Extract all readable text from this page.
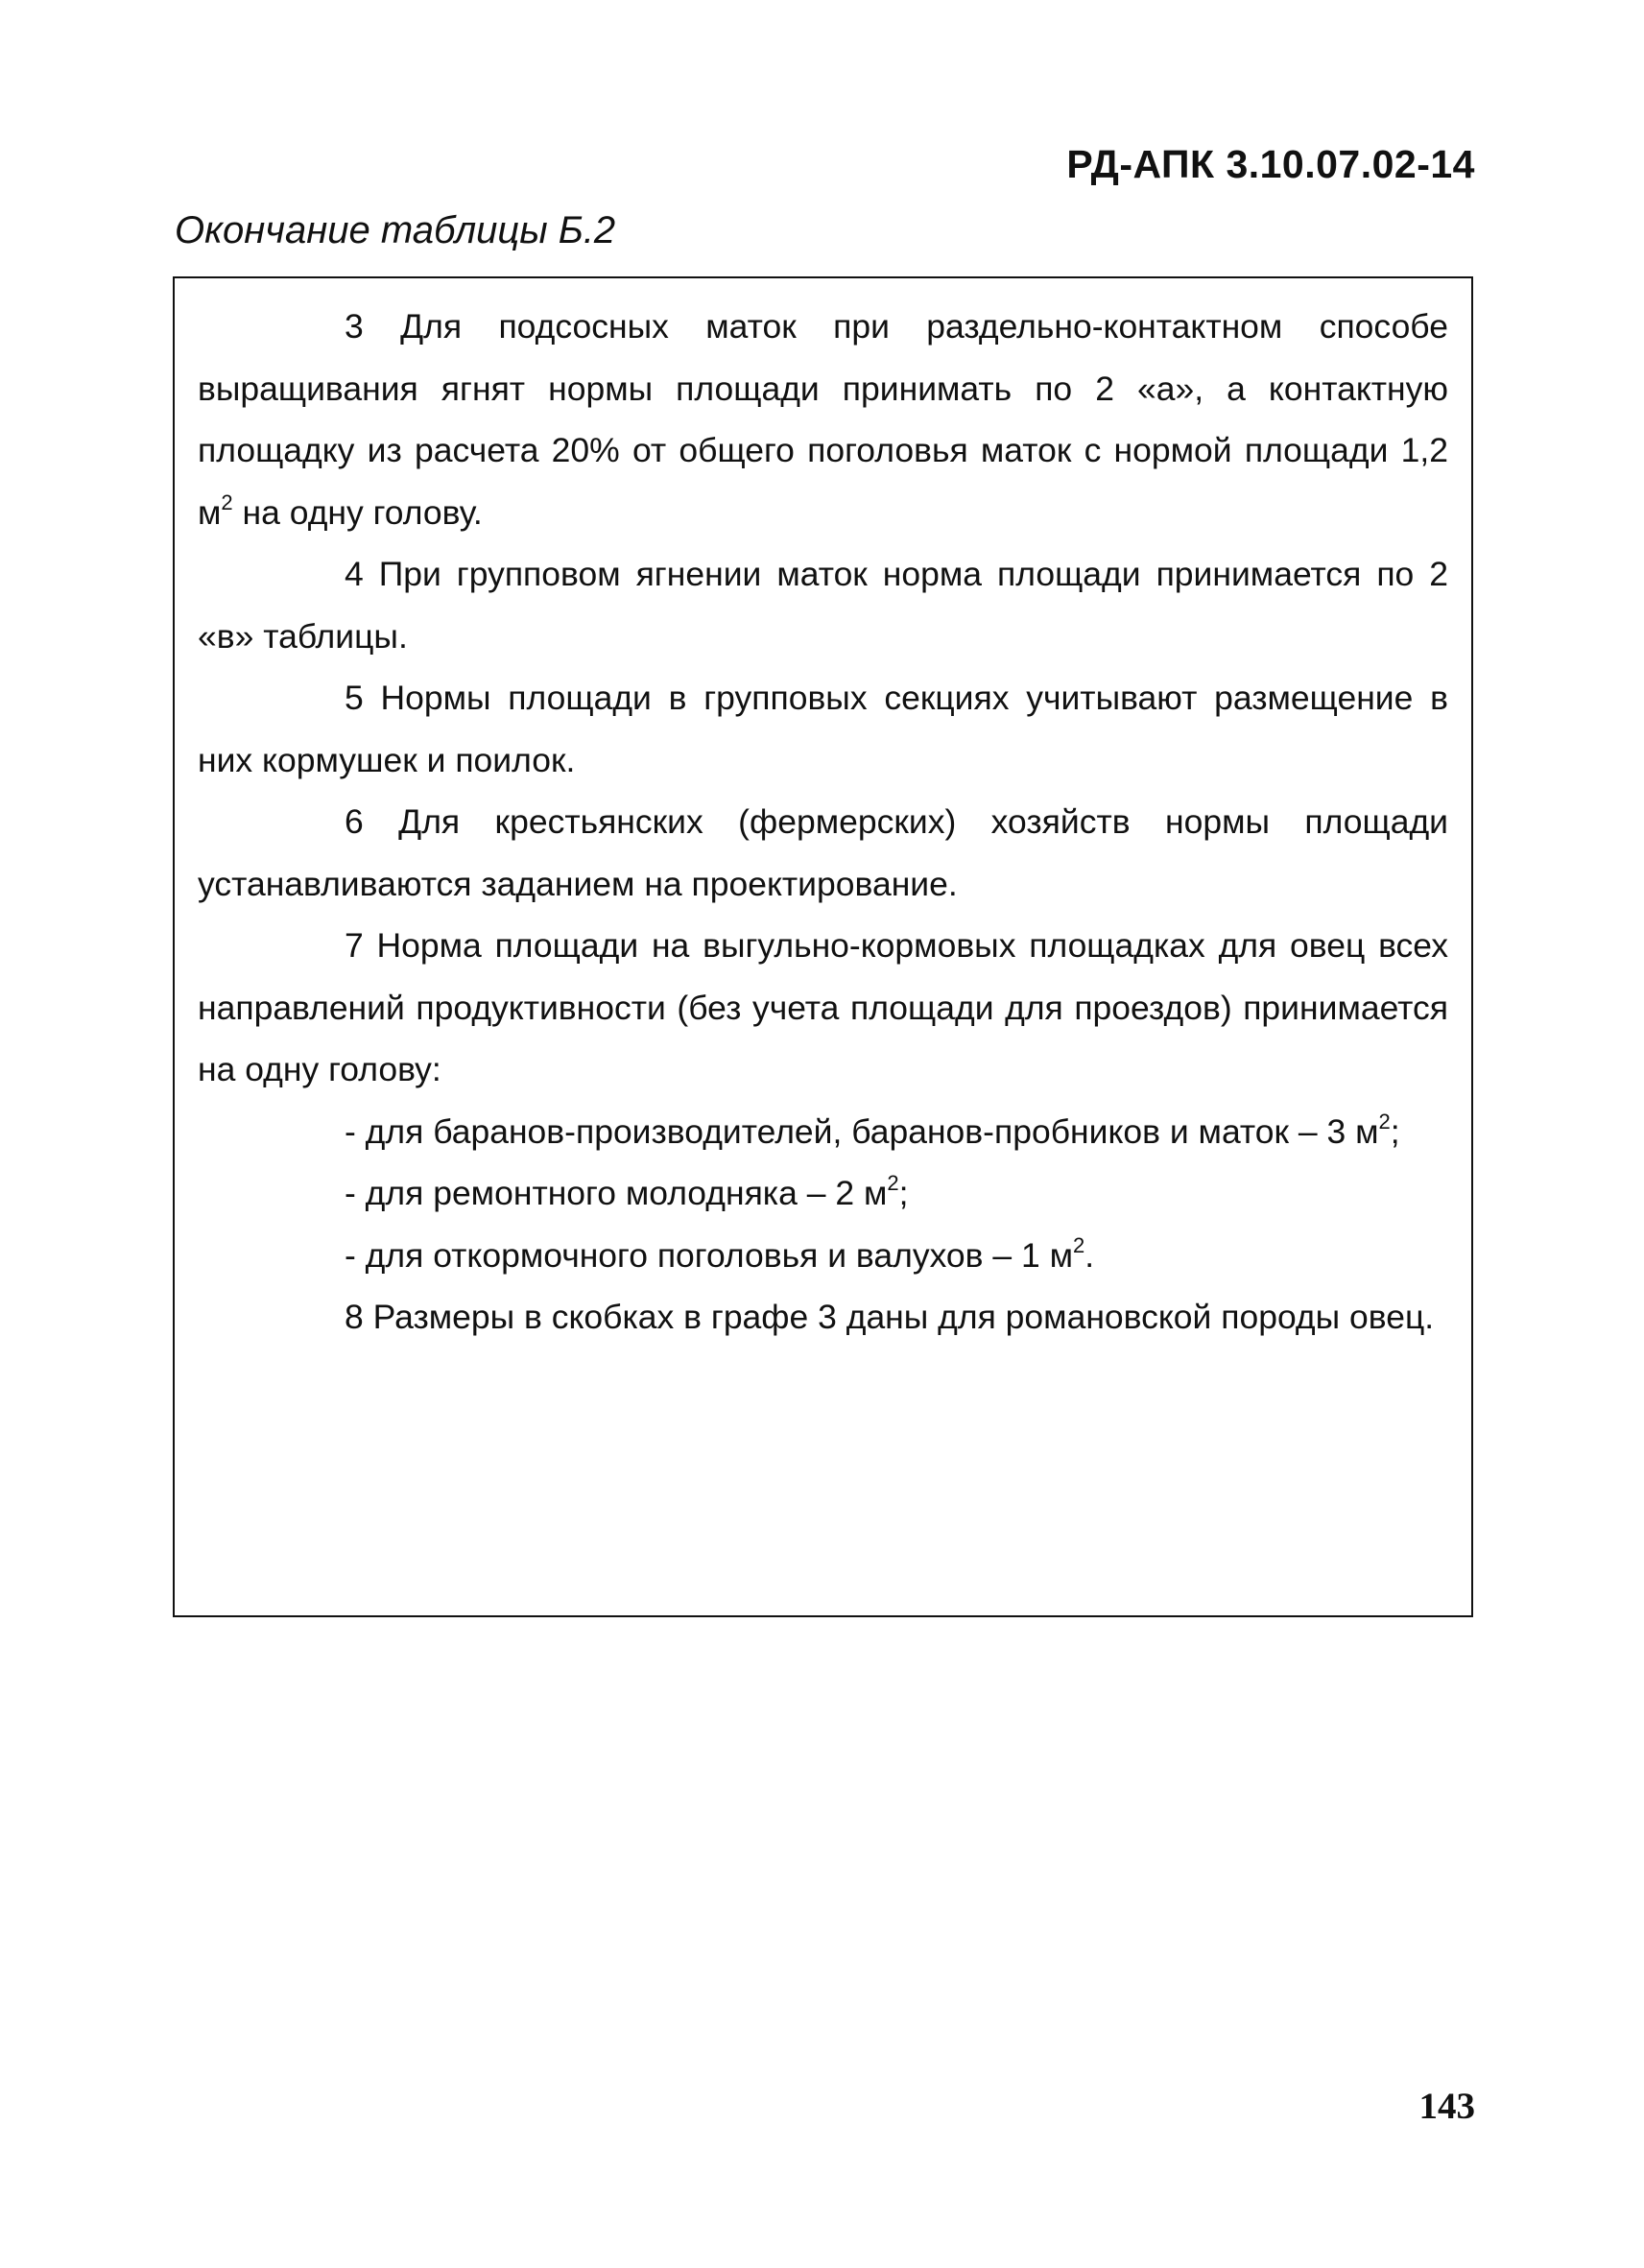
РД-АПК 3.10.07.02-14
Окончание таблицы Б.2

3 Для подсосных маток при раздельно-контактном способе выращивания ягнят нормы площади принимать по 2 «а», а контактную площадку из расчета 20% от общего поголовья маток с нормой площади 1,2 $м^2$ на одну голову.

4 При групповом ягнении маток норма площади принимается по 2 «в» таблицы.

5 Нормы площади в групповых секциях учитывают размещение в них кормушек и поилок.

6 Для крестьянских (фермерских) хозяйств нормы площади устанавливаются заданием на проектирование.

7 Норма площади на выгульно-кормовых площадках для овец всех направлений продуктивности (без учета площади для проездов) принимается на одну голову:

- для баранов-производителей, баранов-пробников и маток – 3 $м^2$;

- для ремонтного молодняка – 2 $м^2$;

- для откормочного поголовья и валухов – 1 $м^2$.

8 Размеры в скобках в графе 3 даны для романовской породы овец.

143
